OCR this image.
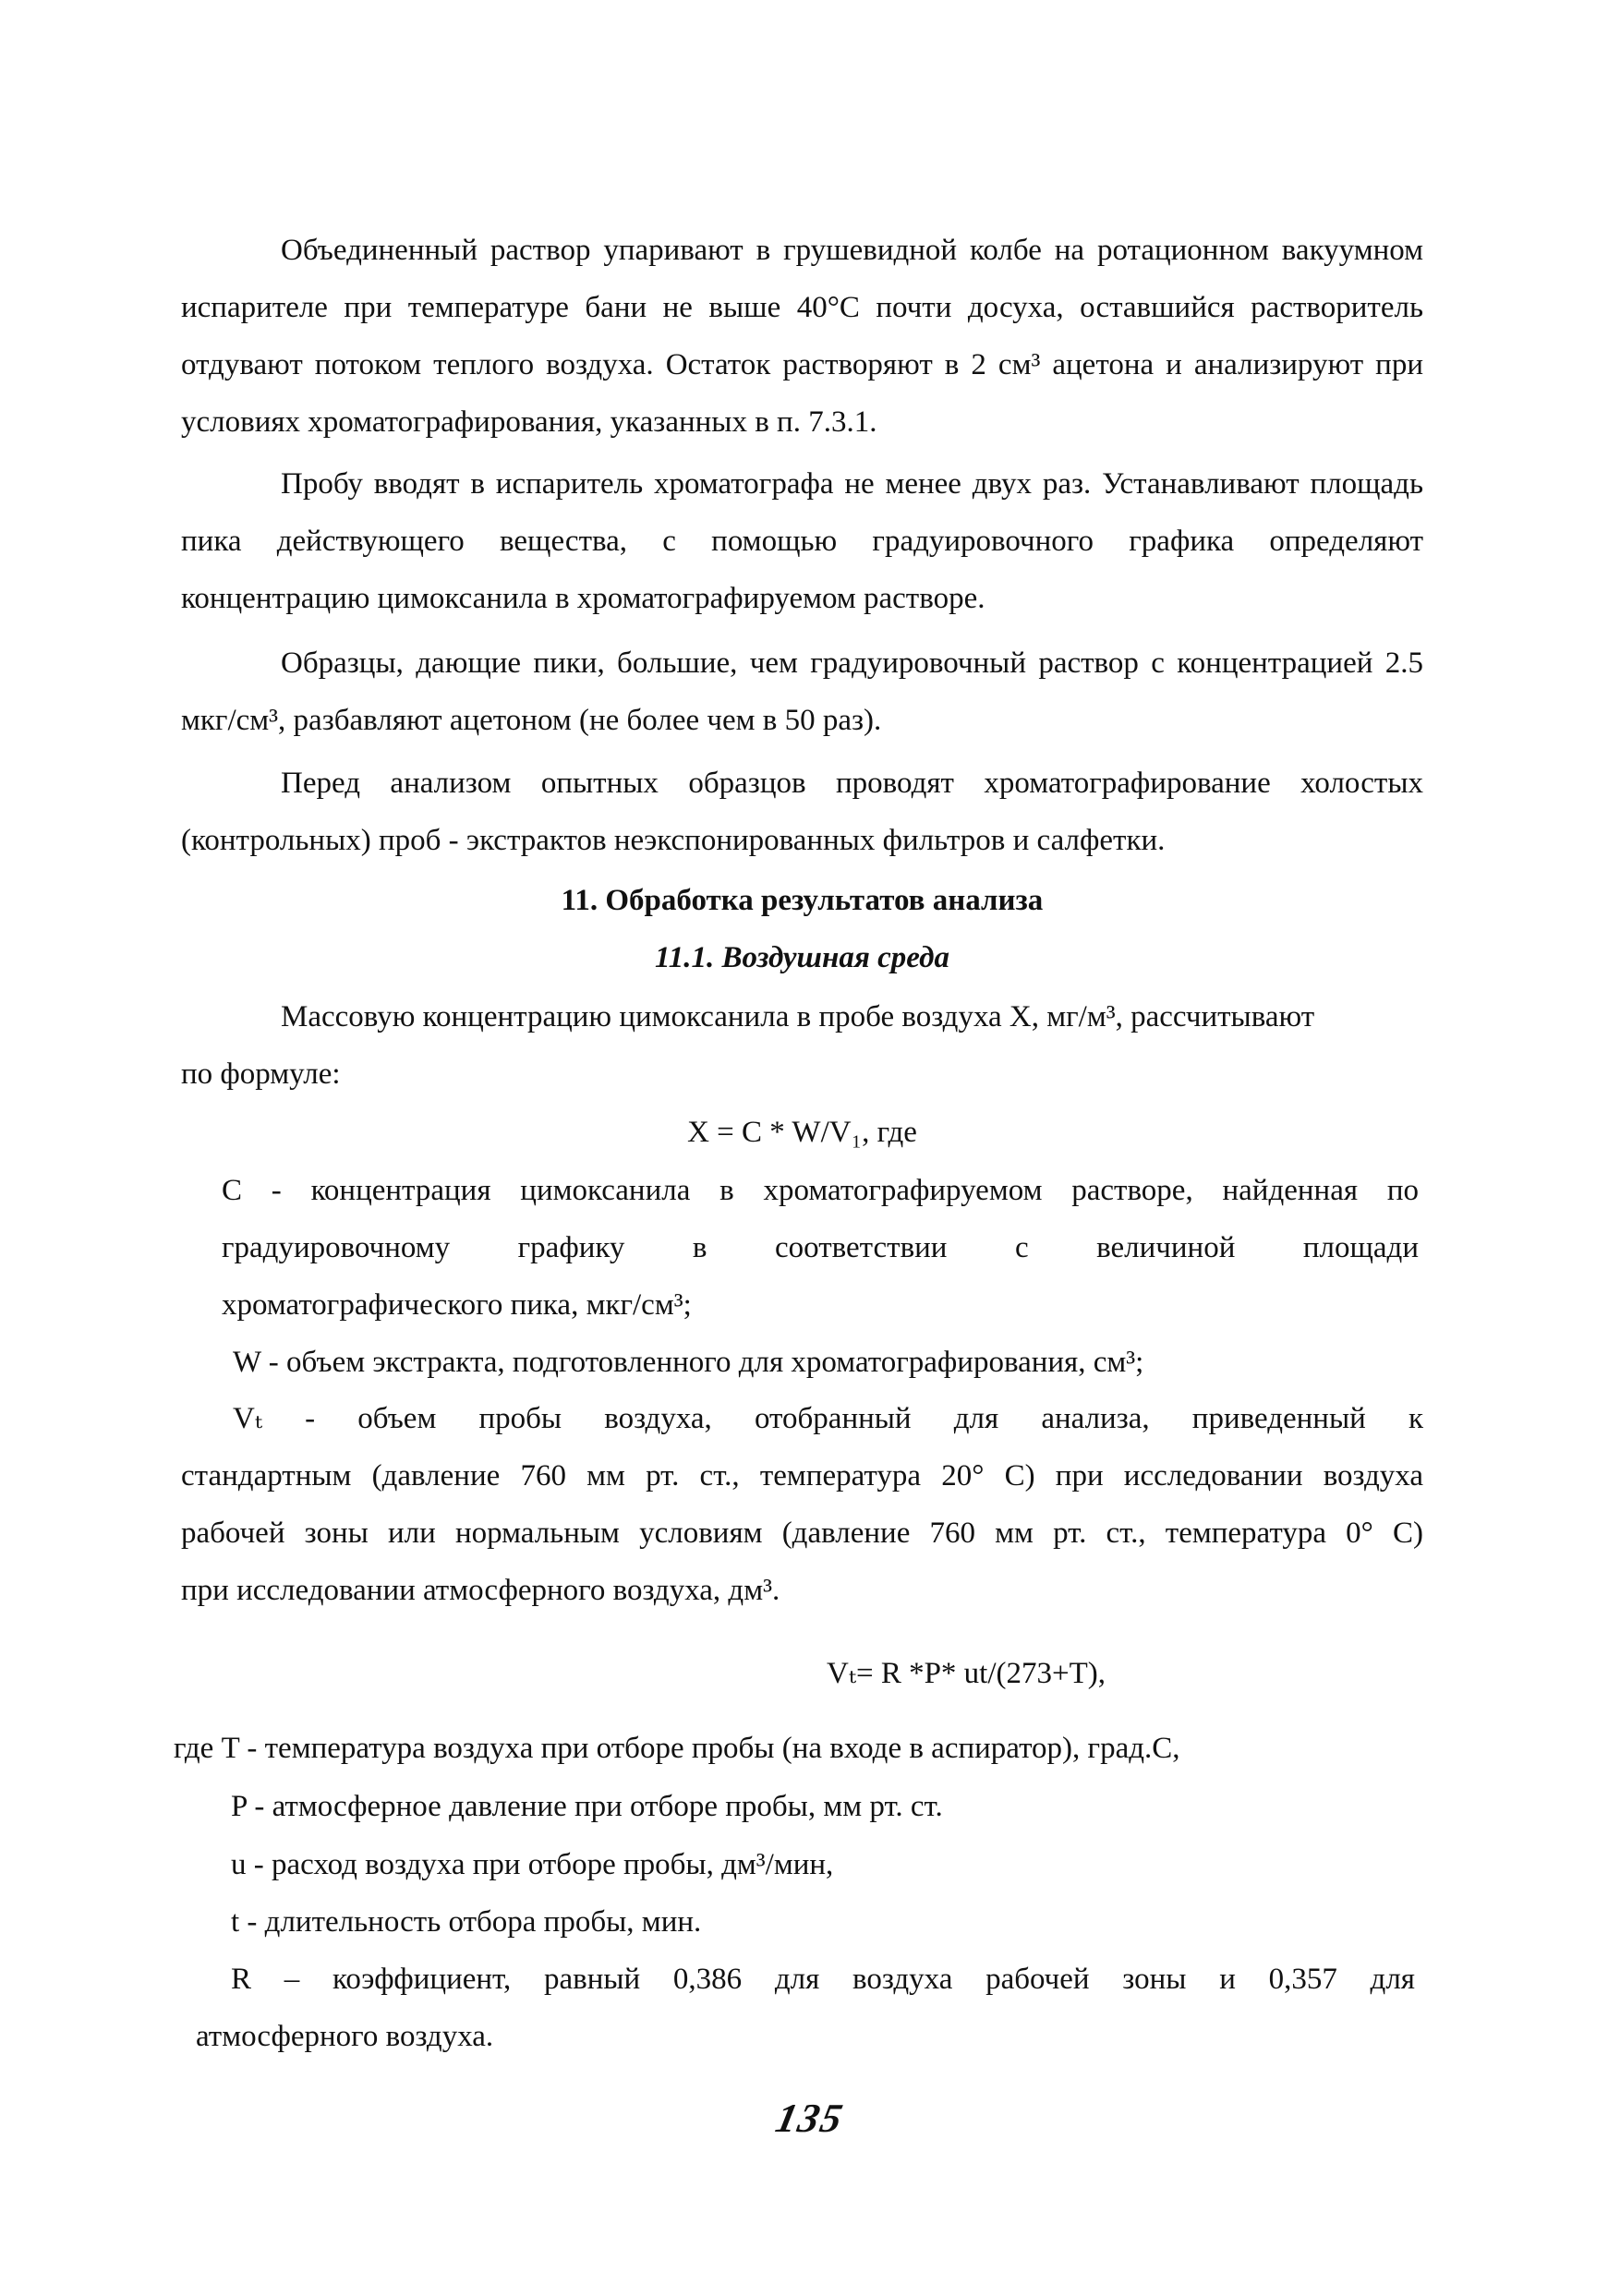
Объединенный раствор упаривают в грушевидной колбе на ротационном вакуумном испарителе при температуре бани не выше 40°С почти досуха, оставшийся растворитель отдувают потоком теплого воздуха. Остаток растворяют в 2 см³ ацетона и анализируют при условиях хроматографирования, указанных в п. 7.3.1.

Пробу вводят в испаритель хроматографа не менее двух раз. Устанавливают площадь пика действующего вещества, с помощью градуировочного графика определяют концентрацию цимоксанила в хроматографируемом растворе.

Образцы, дающие пики, большие, чем градуировочный раствор с концентрацией 2.5 мкг/см³, разбавляют ацетоном (не более чем в 50 раз).

Перед анализом опытных образцов проводят хроматографирование холостых (контрольных) проб - экстрактов неэкспонированных фильтров и салфетки.

11. Обработка результатов анализа
11.1. Воздушная среда
Массовую концентрацию цимоксанила в пробе воздуха X, мг/м³, рассчитывают
по формуле:
X = C * W/V₁, где
С - концентрация цимоксанила в хроматографируемом растворе, найденная по
градуировочному графику в соответствии с величиной площади
хроматографического пика, мкг/см³;
W - объем экстракта, подготовленного для хроматографирования, см³;
Vₜ - объем пробы воздуха, отобранный для анализа, приведенный к
стандартным (давление 760 мм рт. ст., температура 20° С) при исследовании воздуха
рабочей зоны или нормальным условиям (давление 760 мм рт. ст., температура 0° С)
при исследовании атмосферного воздуха, дм³.
Vₜ= R *P* ut/(273+T),
где T - температура воздуха при отборе пробы (на входе в аспиратор), град.С,
P - атмосферное давление при отборе пробы, мм рт. ст.
u - расход воздуха при отборе пробы, дм³/мин,
t - длительность отбора пробы, мин.
R – коэффициент, равный 0,386 для воздуха рабочей зоны и 0,357 для
атмосферного воздуха.
135
